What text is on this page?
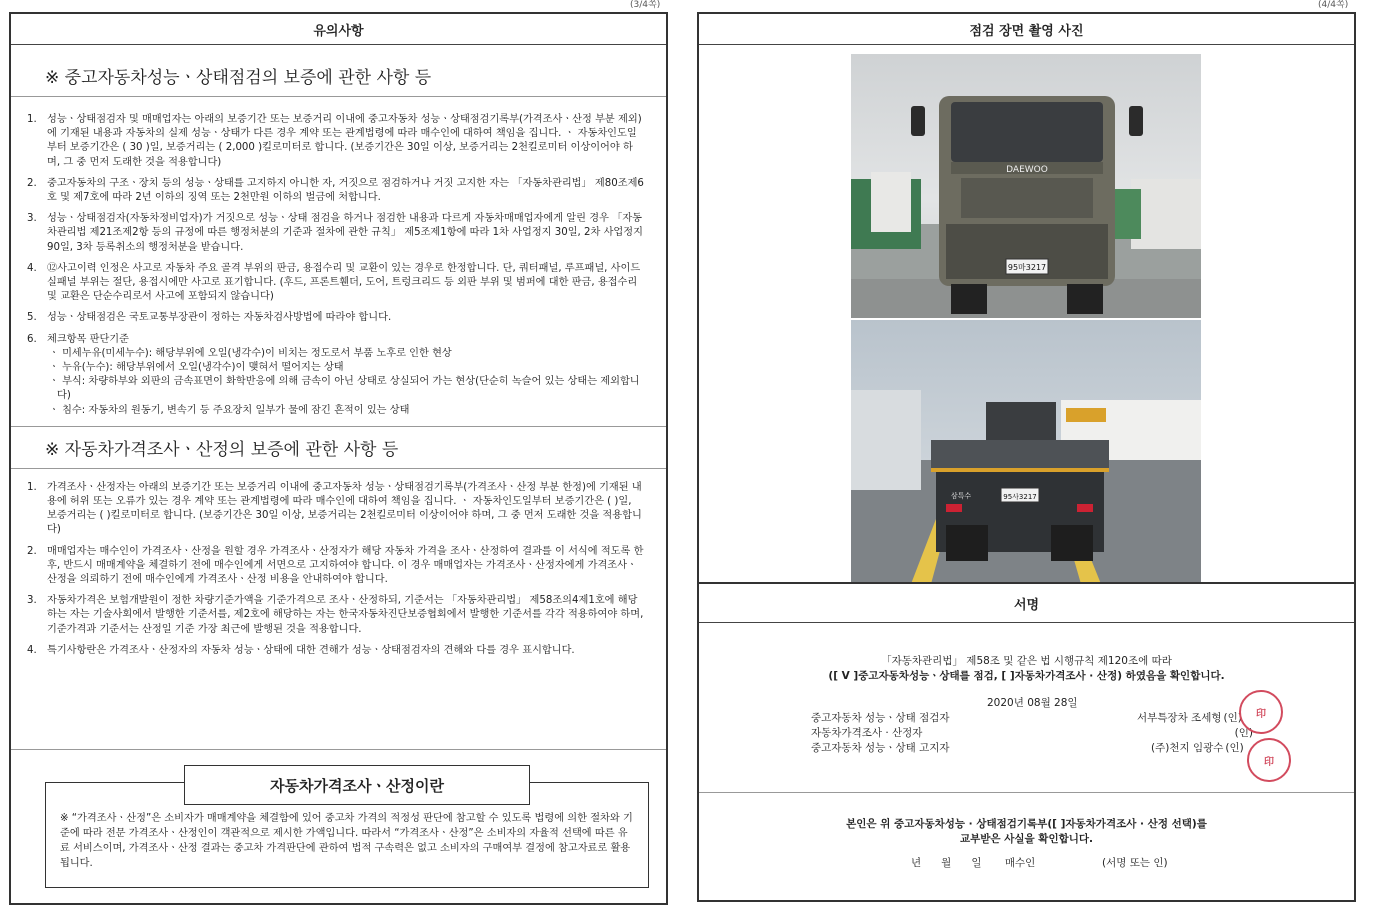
(3/4쪽)	(4/4쪽)
유의사항
※ 중고자동차성능ㆍ상태점검의 보증에 관한 사항 등
1. 성능ㆍ상태점검자 및 매매업자는 아래의 보증기간 또는 보증거리 이내에 중고자동차 성능ㆍ상태점검기록부(가격조사ㆍ산정 부분 제외)에 기재된 내용과 자동차의 실제 성능ㆍ상태가 다른 경우 계약 또는 관계법령에 따라 매수인에 대하여 책임을 집니다. ㆍ 자동차인도일부터 보증기간은 ( 30 )일, 보증거리는 ( 2,000 )킬로미터로 합니다. (보증기간은 30일 이상, 보증거리는 2천킬로미터 이상이어야 하며, 그 중 먼저 도래한 것을 적용합니다)
2. 중고자동차의 구조ㆍ장치 등의 성능ㆍ상태를 고지하지 아니한 자, 거짓으로 점검하거나 거짓 고지한 자는 「자동차관리법」 제80조제6호 및 제7호에 따라 2년 이하의 징역 또는 2천만원 이하의 벌금에 처합니다.
3. 성능ㆍ상태점검자(자동차정비업자)가 거짓으로 성능ㆍ상태 점검을 하거나 점검한 내용과 다르게 자동차매매업자에게 알린 경우 「자동차관리법 제21조제2항 등의 규정에 따른 행정처분의 기준과 절차에 관한 규칙」 제5조제1항에 따라 1차 사업정지 30일, 2차 사업정지 90일, 3차 등록취소의 행정처분을 받습니다.
4. ⑫사고이력 인정은 사고로 자동차 주요 골격 부위의 판금, 용접수리 및 교환이 있는 경우로 한정합니다. 단, 쿼터패널, 루프패널, 사이드실패널 부위는 절단, 용접시에만 사고로 표기합니다. (후드, 프론트휀더, 도어, 트렁크리드 등 외판 부위 및 범퍼에 대한 판금, 용접수리 및 교환은 단순수리로서 사고에 포함되지 않습니다)
5. 성능ㆍ상태점검은 국토교통부장관이 정하는 자동차검사방법에 따라야 합니다.
6. 체크항목 판단기준
ㆍ 미세누유(미세누수): 해당부위에 오일(냉각수)이 비치는 정도로서 부품 노후로 인한 현상
ㆍ 누유(누수): 해당부위에서 오일(냉각수)이 맺혀서 떨어지는 상태
ㆍ 부식: 차량하부와 외판의 금속표면이 화학반응에 의해 금속이 아닌 상태로 상실되어 가는 현상(단순히 녹슬어 있는 상태는 제외합니다)
ㆍ 침수: 자동차의 원동기, 변속기 등 주요장치 일부가 물에 잠긴 흔적이 있는 상태
※ 자동차가격조사ㆍ산정의 보증에 관한 사항 등
1. 가격조사ㆍ산정자는 아래의 보증기간 또는 보증거리 이내에 중고자동차 성능ㆍ상태점검기록부(가격조사ㆍ산정 부분 한정)에 기재된 내용에 허위 또는 오류가 있는 경우 계약 또는 관계법령에 따라 매수인에 대하여 책임을 집니다. ㆍ 자동차인도일부터 보증기간은 ( )일, 보증거리는 ( )킬로미터로 합니다. (보증기간은 30일 이상, 보증거리는 2천킬로미터 이상이어야 하며, 그 중 먼저 도래한 것을 적용합니다)
2. 매매업자는 매수인이 가격조사ㆍ산정을 원할 경우 가격조사ㆍ산정자가 해당 자동차 가격을 조사ㆍ산정하여 결과를 이 서식에 적도록 한 후, 반드시 매매계약을 체결하기 전에 매수인에게 서면으로 고지하여야 합니다. 이 경우 매매업자는 가격조사ㆍ산정자에게 가격조사ㆍ산정을 의뢰하기 전에 매수인에게 가격조사ㆍ산정 비용을 안내하여야 합니다.
3. 자동차가격은 보험개발원이 정한 차량기준가액을 기준가격으로 조사ㆍ산정하되, 기준서는 「자동차관리법」 제58조의4제1호에 해당하는 자는 기술사회에서 발행한 기준서를, 제2호에 해당하는 자는 한국자동차진단보증협회에서 발행한 기준서를 각각 적용하여야 하며, 기준가격과 기준서는 산정일 기준 가장 최근에 발행된 것을 적용합니다.
4. 특기사항란은 가격조사ㆍ산정자의 자동차 성능ㆍ상태에 대한 견해가 성능ㆍ상태점검자의 견해와 다를 경우 표시합니다.
자동차가격조사ㆍ산정이란
※ “가격조사ㆍ산정”은 소비자가 매매계약을 체결함에 있어 중고차 가격의 적정성 판단에 참고할 수 있도록 법령에 의한 절차와 기준에 따라 전문 가격조사ㆍ산정인이 객관적으로 제시한 가액입니다. 따라서 “가격조사ㆍ산정”은 소비자의 자율적 선택에 따른 유료 서비스이며, 가격조사ㆍ산정 결과는 중고차 가격판단에 관하여 법적 구속력은 없고 소비자의 구매여부 결정에 참고자료로 활용됩니다.
점검 장면 촬영 사진
DAEWOO
95마3217
95사3217
삼특수
서명
「자동차관리법」 제58조 및 같은 법 시행규칙 제120조에 따라
([ V ]중고자동차성능ㆍ상태를 점검, [ ]자동차가격조사 · 산정) 하였음을 확인합니다.
2020년 08월 28일
중고자동차 성능ㆍ상태 점검자	서부특장차 조세형 (인)
자동차가격조사 · 산정자	(인)
중고자동차 성능ㆍ상태 고지자	(주)천지 임광수 (인)
印
印
본인은 위 중고자동차성능 · 상태점검기록부([ ]자동차가격조사 · 산정 선택)를
교부받은 사실을 확인합니다.
년      월      일       매수인                    (서명 또는 인)
